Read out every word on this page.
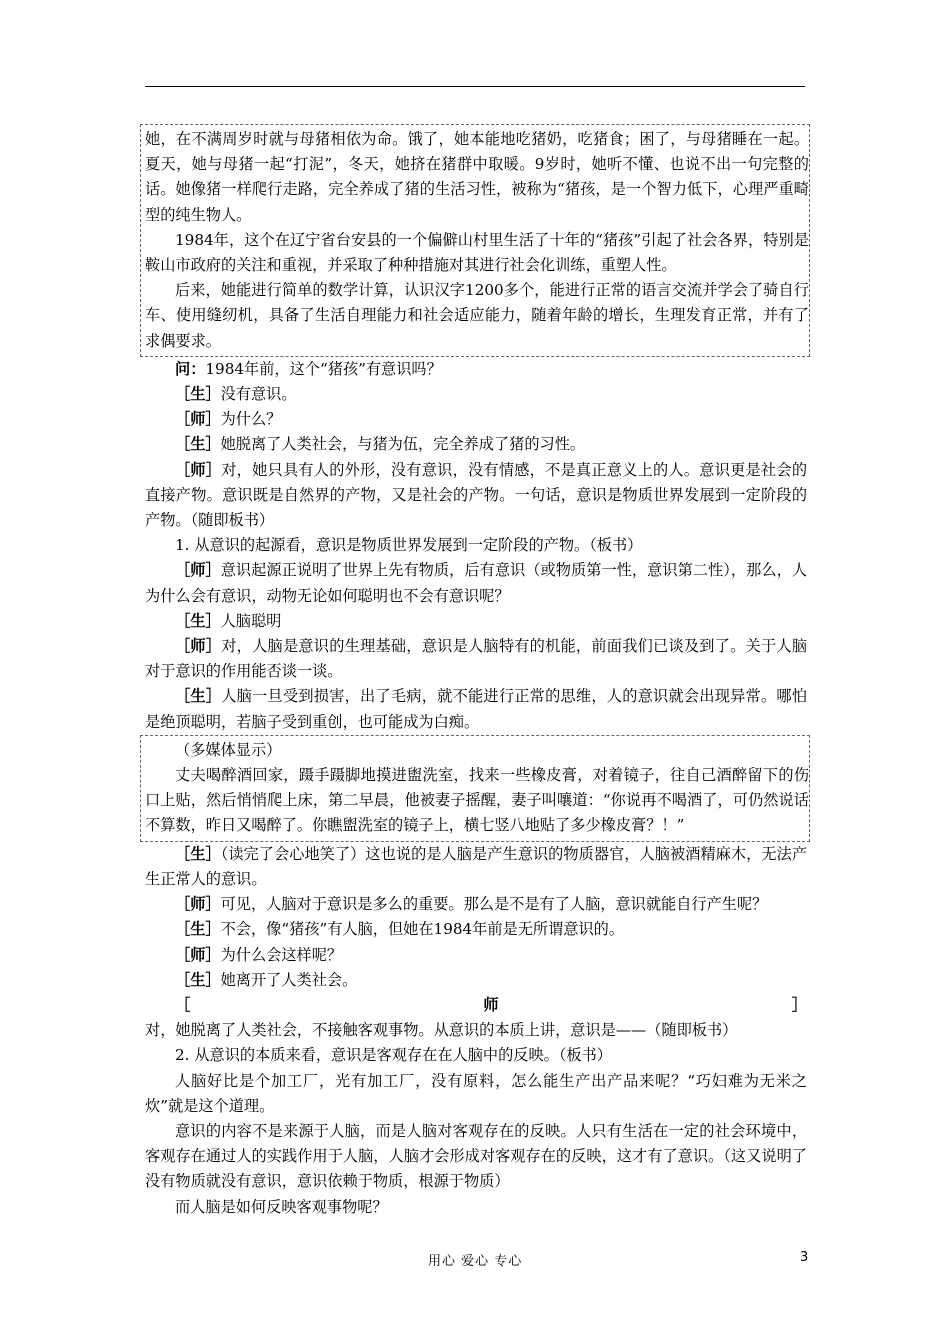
她，在不满周岁时就与母猪相依为命。饿了，她本能地吃猪奶，吃猪食；困了，与母猪睡在一起。夏天，她与母猪一起“打泥”，冬天，她挤在猪群中取暖。9岁时，她听不懂、也说不出一句完整的话。她像猪一样爬行走路，完全养成了猪的生活习性，被称为“猪孩，是一个智力低下，心理严重畸型的纯生物人。

1984年，这个在辽宁省台安县的一个偏僻山村里生活了十年的“猪孩”引起了社会各界，特别是鞍山市政府的关注和重视，并采取了种种措施对其进行社会化训练，重塑人性。

后来，她能进行简单的数学计算，认识汉字1200多个，能进行正常的语言交流并学会了骑自行车、使用缝纫机，具备了生活自理能力和社会适应能力，随着年龄的增长，生理发育正常，并有了求偶要求。

问：1984年前，这个“猪孩”有意识吗？

［生］没有意识。

［师］为什么？

［生］她脱离了人类社会，与猪为伍，完全养成了猪的习性。

［师］对，她只具有人的外形，没有意识，没有情感，不是真正意义上的人。意识更是社会的直接产物。意识既是自然界的产物，又是社会的产物。一句话，意识是物质世界发展到一定阶段的产物。（随即板书）

1. 从意识的起源看，意识是物质世界发展到一定阶段的产物。（板书）

［师］意识起源正说明了世界上先有物质，后有意识（或物质第一性，意识第二性），那么，人为什么会有意识，动物无论如何聪明也不会有意识呢？

［生］人脑聪明

［师］对，人脑是意识的生理基础，意识是人脑特有的机能，前面我们已谈及到了。关于人脑对于意识的作用能否谈一谈。

［生］人脑一旦受到损害，出了毛病，就不能进行正常的思维，人的意识就会出现异常。哪怕是绝顶聪明，若脑子受到重创，也可能成为白痴。

（多媒体显示）

丈夫喝醉酒回家，蹑手蹑脚地摸进盥洗室，找来一些橡皮膏，对着镜子，往自己酒醉留下的伤口上贴，然后悄悄爬上床，第二早晨，他被妻子摇醒，妻子叫嚷道：“你说再不喝酒了，可仍然说话不算数，昨日又喝醉了。你瞧盥洗室的镜子上，横七竖八地贴了多少橡皮膏？！”

［生］（读完了会心地笑了）这也说的是人脑是产生意识的物质器官，人脑被酒精麻木，无法产生正常人的意识。

［师］可见，人脑对于意识是多么的重要。那么是不是有了人脑，意识就能自行产生呢？

［生］不会，像“猪孩”有人脑，但她在1984年前是无所谓意识的。

［师］为什么会这样呢？

［生］她离开了人类社会。

［师］对，她脱离了人类社会，不接触客观事物。从意识的本质上讲，意识是——（随即板书）

2. 从意识的本质来看，意识是客观存在在人脑中的反映。（板书）

人脑好比是个加工厂，光有加工厂，没有原料，怎么能生产出产品来呢？“巧妇难为无米之炊”就是这个道理。

意识的内容不是来源于人脑，而是人脑对客观存在的反映。人只有生活在一定的社会环境中，客观存在通过人的实践作用于人脑，人脑才会形成对客观存在的反映，这才有了意识。（这又说明了没有物质就没有意识，意识依赖于物质，根源于物质）

而人脑是如何反映客观事物呢？

用心 爱心 专心	3
